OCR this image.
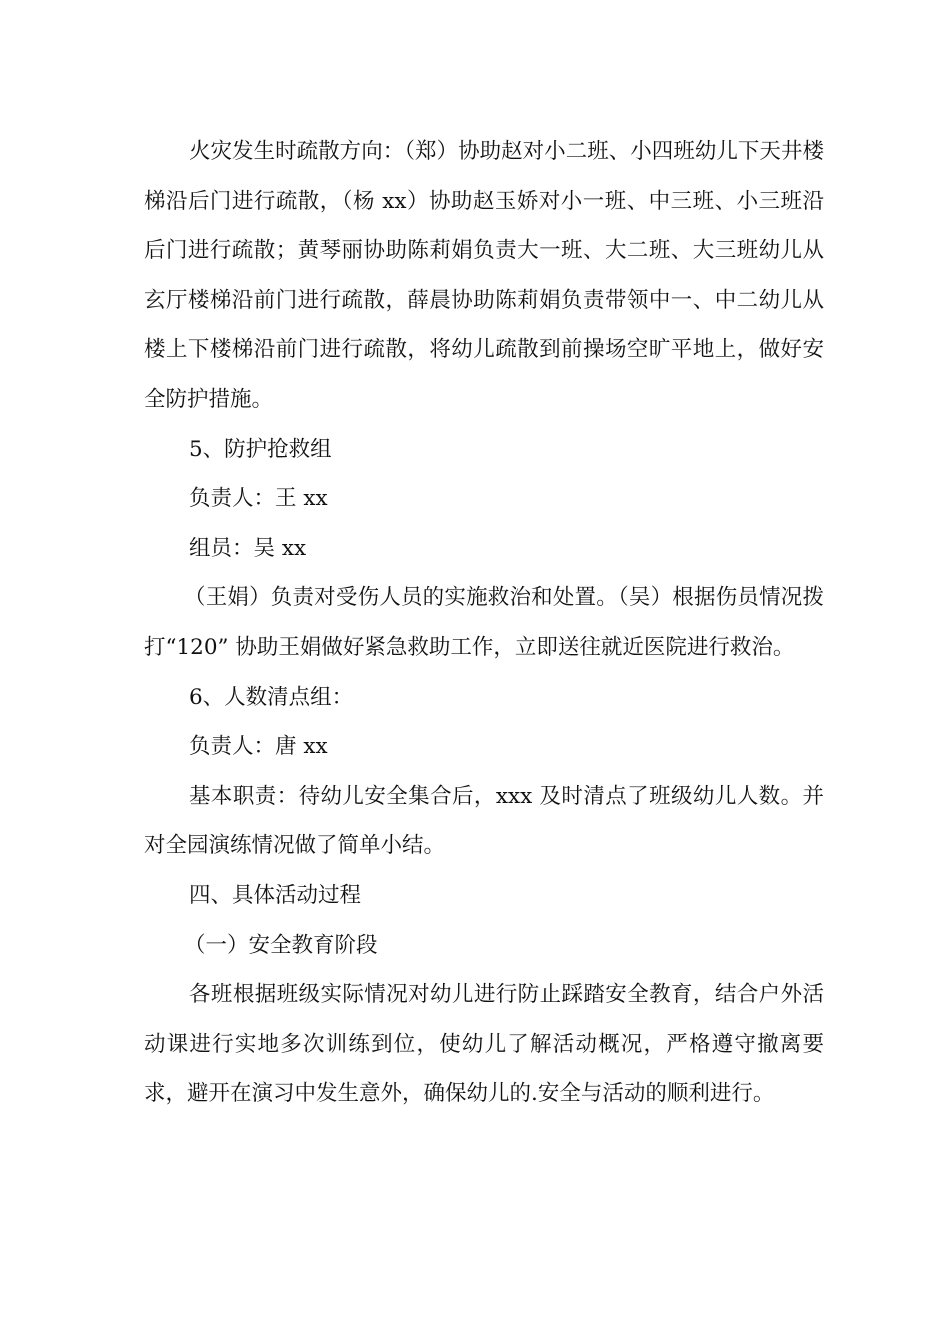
火灾发生时疏散方向：（郑）协助赵对小二班、小四班幼儿下天井楼梯沿后门进行疏散，（杨 xx）协助赵玉娇对小一班、中三班、小三班沿后门进行疏散；黄琴丽协助陈莉娟负责大一班、大二班、大三班幼儿从玄厅楼梯沿前门进行疏散，薛晨协助陈莉娟负责带领中一、中二幼儿从楼上下楼梯沿前门进行疏散，将幼儿疏散到前操场空旷平地上，做好安全防护措施。

5、防护抢救组

负责人：王 xx

组员：吴 xx

（王娟）负责对受伤人员的实施救治和处置。（吴）根据伤员情况拨打“120” 协助王娟做好紧急救助工作，立即送往就近医院进行救治。

6、人数清点组：

负责人：唐 xx

基本职责：待幼儿安全集合后，xxx 及时清点了班级幼儿人数。并对全园演练情况做了简单小结。

四、具体活动过程

（一）安全教育阶段

各班根据班级实际情况对幼儿进行防止踩踏安全教育，结合户外活动课进行实地多次训练到位，使幼儿了解活动概况，严格遵守撤离要求，避开在演习中发生意外，确保幼儿的.安全与活动的顺利进行。
